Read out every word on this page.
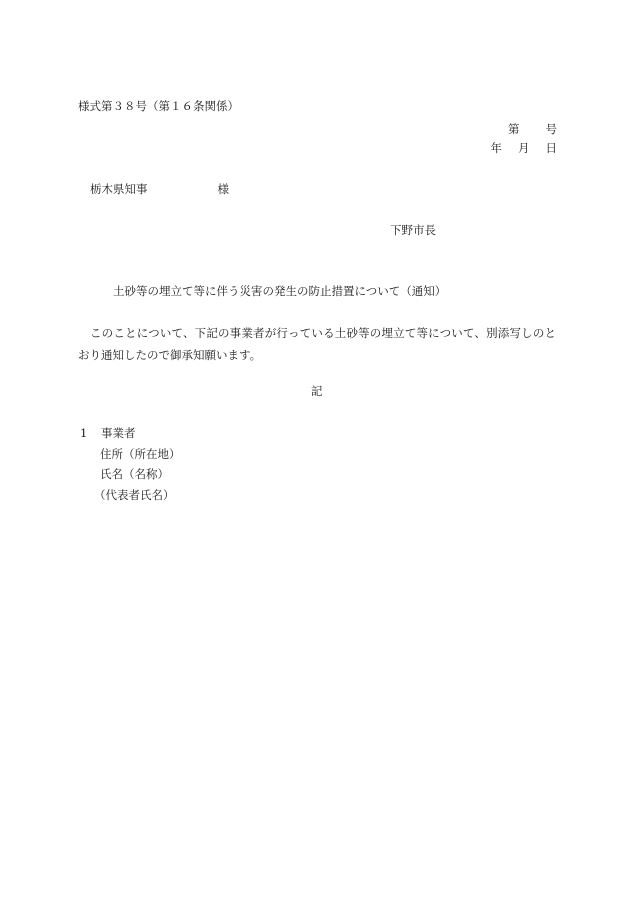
様式第３８号（第１６条関係）
第 号
年 月 日
栃木県知事	様
下野市長
土砂等の埋立て等に伴う災害の発生の防止措置について（通知）
このことについて、下記の事業者が行っている土砂等の埋立て等について、別添写しのとおり通知したので御承知願います。
記
1 事業者
住所（所在地）
氏名（名称）
（代表者氏名）
